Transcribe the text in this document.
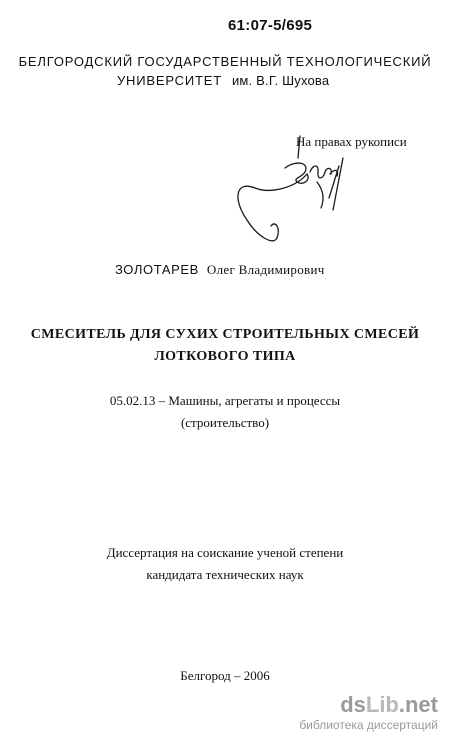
61:07-5/695
БЕЛГОРОДСКИЙ ГОСУДАРСТВЕННЫЙ ТЕХНОЛОГИЧЕСКИЙ
УНИВЕРСИТЕТ им. В.Г. Шухова
На правах рукописи
ЗОЛОТАРЕВ Олег Владимирович
СМЕСИТЕЛЬ ДЛЯ СУХИХ СТРОИТЕЛЬНЫХ СМЕСЕЙ
ЛОТКОВОГО ТИПА
05.02.13 – Машины, агрегаты и процессы
(строительство)
Диссертация на соискание ученой степени
кандидата технических наук
Белгород – 2006
dsLib.net
библиотека диссертаций
